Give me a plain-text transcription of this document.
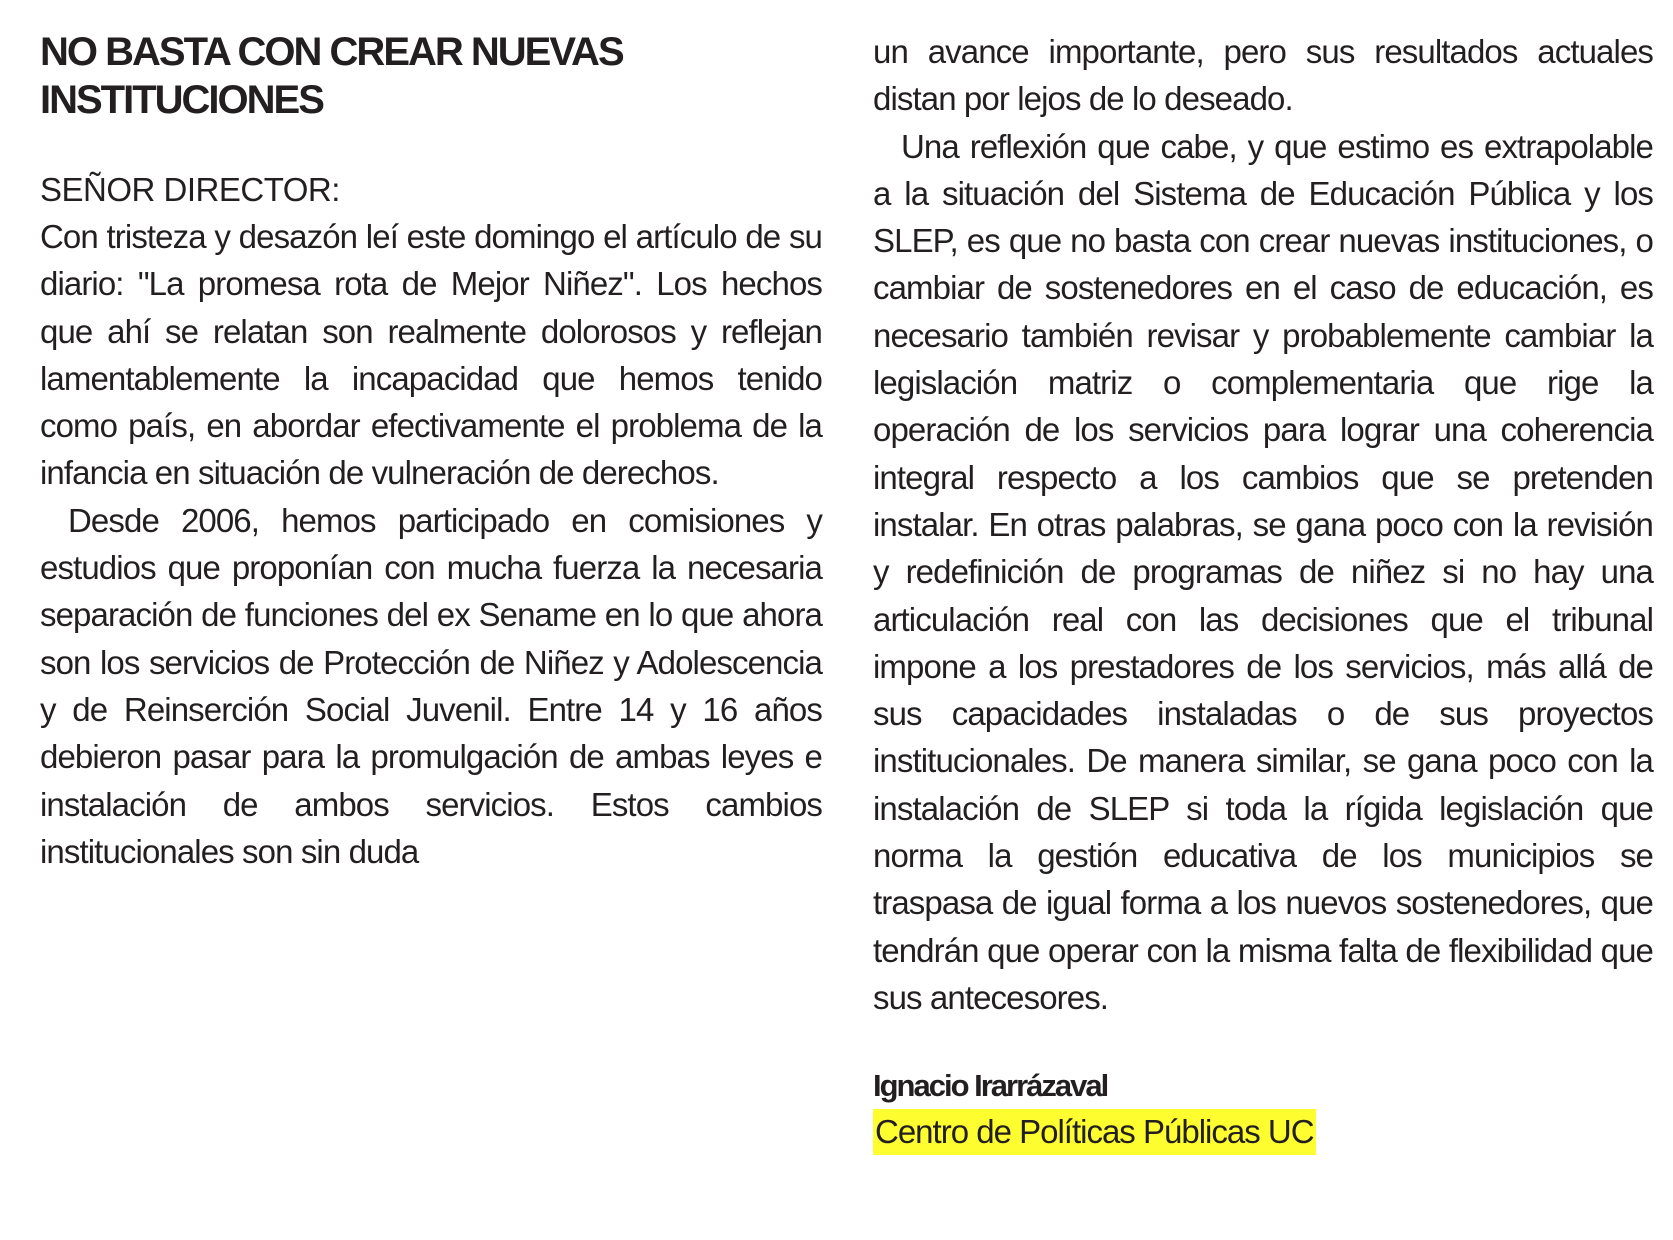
NO BASTA CON CREAR NUEVAS INSTITUCIONES

SEÑOR DIRECTOR:

Con tristeza y desazón leí este domingo el artículo de su diario: "La promesa rota de Mejor Niñez". Los hechos que ahí se relatan son realmente dolorosos y reflejan lamentablemente la incapacidad que hemos tenido como país, en abordar efectivamente el problema de la infancia en situación de vulneración de derechos.

Desde 2006, hemos participado en comisiones y estudios que proponían con mucha fuerza la necesaria separación de funciones del ex Sename en lo que ahora son los servicios de Protección de Niñez y Adolescencia y de Reinserción Social Juvenil. Entre 14 y 16 años debieron pasar para la promulgación de ambas leyes e instalación de ambos servicios. Estos cambios institucionales son sin duda

un avance importante, pero sus resultados actuales distan por lejos de lo deseado.

Una reflexión que cabe, y que estimo es extrapolable a la situación del Sistema de Educación Pública y los SLEP, es que no basta con crear nuevas instituciones, o cambiar de sostenedores en el caso de educación, es necesario también revisar y probablemente cambiar la legislación matriz o complementaria que rige la operación de los servicios para lograr una coherencia integral respecto a los cambios que se pretenden instalar. En otras palabras, se gana poco con la revisión y redefinición de programas de niñez si no hay una articulación real con las decisiones que el tribunal impone a los prestadores de los servicios, más allá de sus capacidades instaladas o de sus proyectos institucionales. De manera similar, se gana poco con la instalación de SLEP si toda la rígida legislación que norma la gestión educativa de los municipios se traspasa de igual forma a los nuevos sostenedores, que tendrán que operar con la misma falta de flexibilidad que sus antecesores.

Ignacio Irarrázaval

Centro de Políticas Públicas UC
